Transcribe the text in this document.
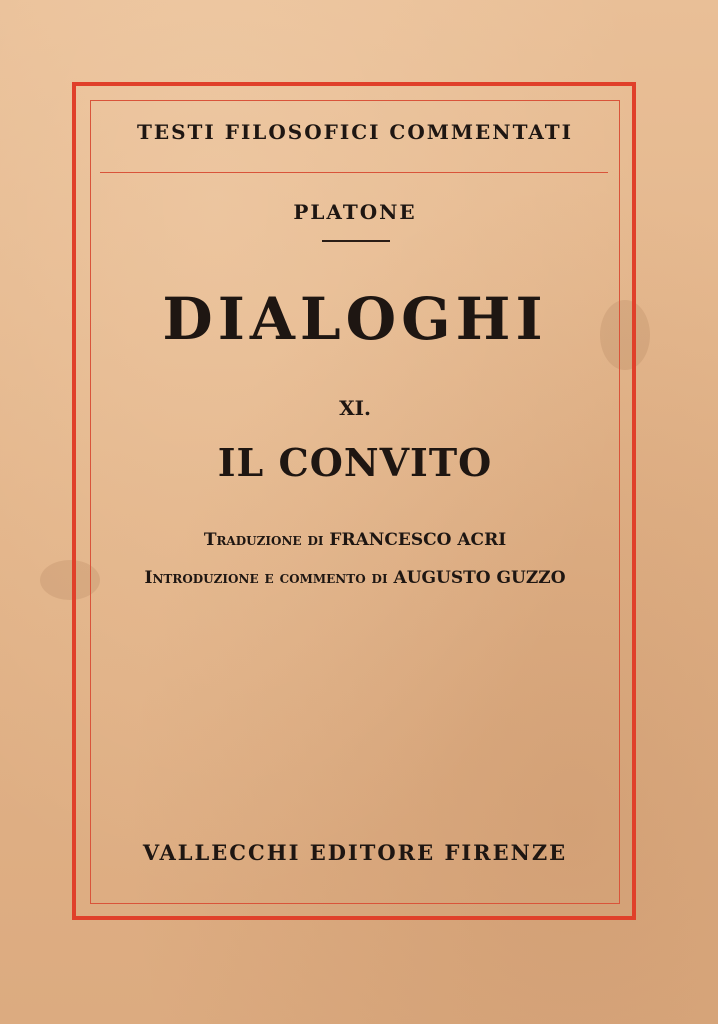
TESTI FILOSOFICI COMMENTATI
PLATONE
DIALOGHI
XI.
IL CONVITO
Traduzione di FRANCESCO ACRI
Introduzione e commento di AUGUSTO GUZZO
VALLECCHI EDITORE FIRENZE
